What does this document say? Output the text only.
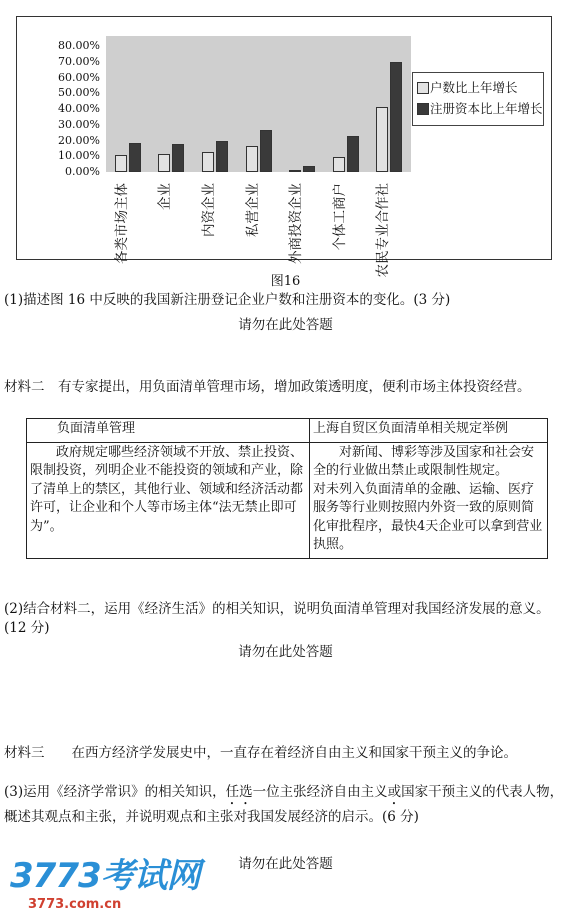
80.00%
70.00%
60.00%
50.00%
40.00%
30.00%
20.00%
10.00%
0.00%
各类市场主体 企业 内资企业 私营企业 外商投资企业 个体工商户 农民专业合作社
户数比上年增长
注册资本比上年增长
图16
(1)描述图 16 中反映的我国新注册登记企业户数和注册资本的变化。(3 分)
请勿在此处答题
材料二　有专家提出，用负面清单管理市场，增加政策透明度，便利市场主体投资经营。
负面清单管理	上海自贸区负面清单相关规定举例
政府规定哪些经济领域不开放、禁止投资、限制投资，列明企业不能投资的领域和产业，除了清单上的禁区，其他行业、领域和经济活动都许可，让企业和个人等市场主体“法无禁止即可为”。	对新闻、博彩等涉及国家和社会安全的行业做出禁止或限制性规定。
对未列入负面清单的金融、运输、医疗服务等行业则按照内外资一致的原则简化审批程序，最快4天企业可以拿到营业执照。
(2)结合材料二，运用《经济生活》的相关知识，说明负面清单管理对我国经济发展的意义。(12 分)
请勿在此处答题
材料三　　在西方经济学发展史中，一直存在着经济自由主义和国家干预主义的争论。
(3)运用《经济学常识》的相关知识，任选一位主张经济自由主义或国家干预主义的代表人物，概述其观点和主张，并说明观点和主张对我国发展经济的启示。(6 分)
请勿在此处答题
3773考试网
3773.com.cn
